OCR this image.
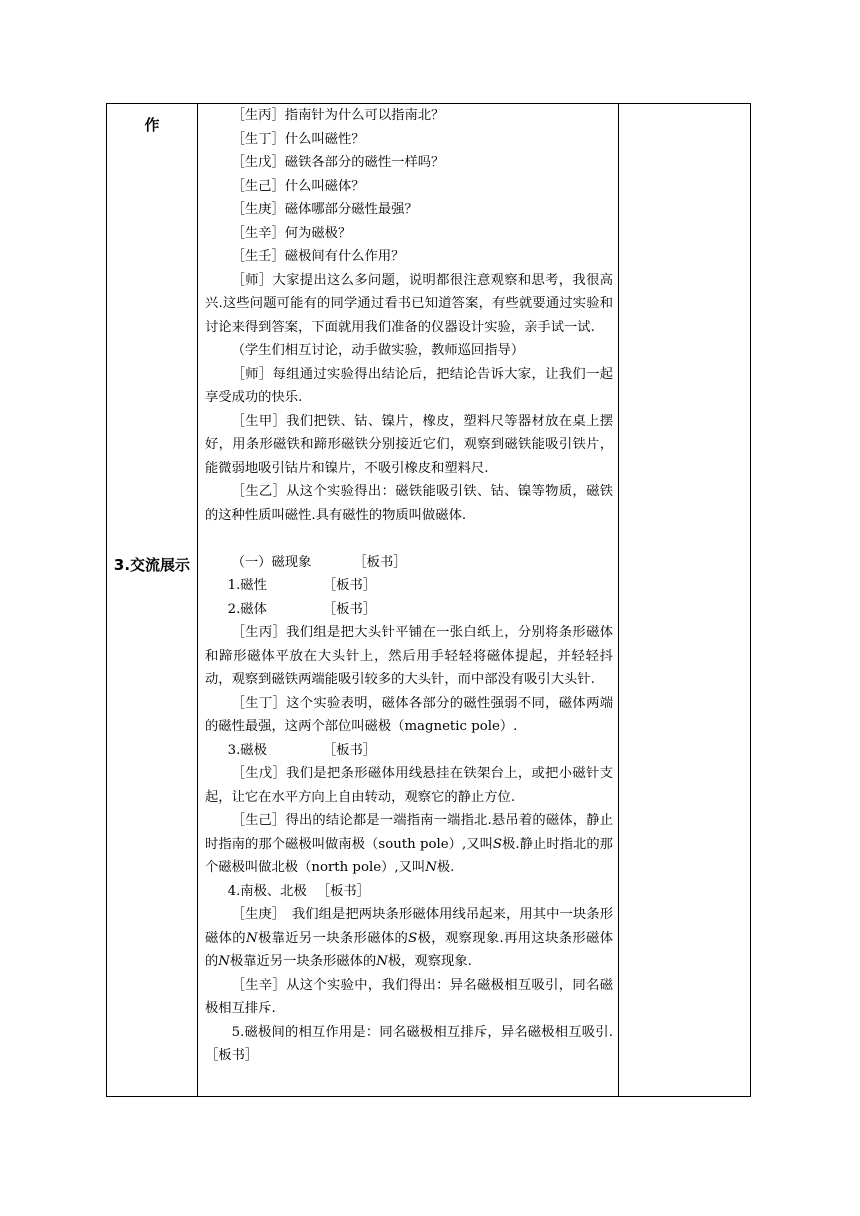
作
3.交流展示

［生丙］指南针为什么可以指南北？

［生丁］什么叫磁性？

［生戊］磁铁各部分的磁性一样吗？

［生己］什么叫磁体？

［生庚］磁体哪部分磁性最强？

［生辛］何为磁极？

［生壬］磁极间有什么作用？

［师］大家提出这么多问题，说明都很注意观察和思考，我很高兴.这些问题可能有的同学通过看书已知道答案，有些就要通过实验和讨论来得到答案，下面就用我们准备的仪器设计实验，亲手试一试.

（学生们相互讨论，动手做实验，教师巡回指导）

［师］每组通过实验得出结论后，把结论告诉大家，让我们一起享受成功的快乐.

［生甲］我们把铁、钴、镍片，橡皮，塑料尺等器材放在桌上摆好，用条形磁铁和蹄形磁铁分别接近它们，观察到磁铁能吸引铁片，能微弱地吸引钴片和镍片，不吸引橡皮和塑料尺.

［生乙］从这个实验得出：磁铁能吸引铁、钴、镍等物质，磁铁的这种性质叫磁性.具有磁性的物质叫做磁体.

（一）磁现象	［板书］

1.磁性	［板书］

2.磁体	［板书］

［生丙］我们组是把大头针平铺在一张白纸上，分别将条形磁体和蹄形磁体平放在大头针上，然后用手轻轻将磁体提起，并轻轻抖动，观察到磁铁两端能吸引较多的大头针，而中部没有吸引大头针.

［生丁］这个实验表明，磁体各部分的磁性强弱不同，磁体两端的磁性最强，这两个部位叫磁极（magnetic pole）.

3.磁极	［板书］

［生戊］我们是把条形磁体用线悬挂在铁架台上，或把小磁针支起，让它在水平方向上自由转动，观察它的静止方位.

［生己］得出的结论都是一端指南一端指北.悬吊着的磁体，静止时指南的那个磁极叫做南极（south pole）,又叫S极.静止时指北的那个磁极叫做北极（north pole）,又叫N极.

4.南极、北极 ［板书］

［生庚］　我们组是把两块条形磁体用线吊起来，用其中一块条形磁体的N极靠近另一块条形磁体的S极，观察现象.再用这块条形磁体的N极靠近另一块条形磁体的N极，观察现象.

［生辛］从这个实验中，我们得出：异名磁极相互吸引，同名磁极相互排斥.

5.磁极间的相互作用是：同名磁极相互排斥，异名磁极相互吸引.［板书］
